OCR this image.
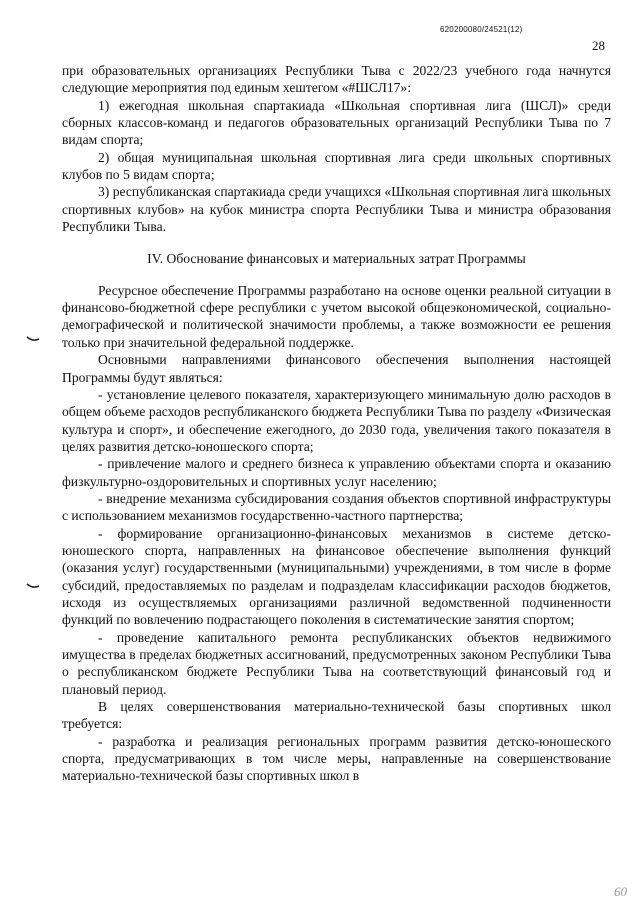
620200080/24521(12)
28

при образовательных организациях Республики Тыва с 2022/23 учебного года начнутся следующие мероприятия под единым хештегом «#ШСЛ17»:

1) ежегодная школьная спартакиада «Школьная спортивная лига (ШСЛ)» среди сборных классов-команд и педагогов образовательных организаций Республики Тыва по 7 видам спорта;

2) общая муниципальная школьная спортивная лига среди школьных спортивных клубов по 5 видам спорта;

3) республиканская спартакиада среди учащихся «Школьная спортивная лига школьных спортивных клубов» на кубок министра спорта Республики Тыва и министра образования Республики Тыва.

IV. Обоснование финансовых и материальных затрат Программы

Ресурсное обеспечение Программы разработано на основе оценки реальной ситуации в финансово-бюджетной сфере республики с учетом высокой общеэкономической, социально-демографической и политической значимости проблемы, а также возможности ее решения только при значительной федеральной поддержке.

Основными направлениями финансового обеспечения выполнения настоящей Программы будут являться:

- установление целевого показателя, характеризующего минимальную долю расходов в общем объеме расходов республиканского бюджета Республики Тыва по разделу «Физическая культура и спорт», и обеспечение ежегодного, до 2030 года, увеличения такого показателя в целях развития детско-юношеского спорта;

- привлечение малого и среднего бизнеса к управлению объектами спорта и оказанию физкультурно-оздоровительных и спортивных услуг населению;

- внедрение механизма субсидирования создания объектов спортивной инфраструктуры с использованием механизмов государственно-частного партнерства;

- формирование организационно-финансовых механизмов в системе детско-юношеского спорта, направленных на финансовое обеспечение выполнения функций (оказания услуг) государственными (муниципальными) учреждениями, в том числе в форме субсидий, предоставляемых по разделам и подразделам классификации расходов бюджетов, исходя из осуществляемых организациями различной ведомственной подчиненности функций по вовлечению подрастающего поколения в систематические занятия спортом;

- проведение капитального ремонта республиканских объектов недвижимого имущества в пределах бюджетных ассигнований, предусмотренных законом Республики Тыва о республиканском бюджете Республики Тыва на соответствующий финансовый год и плановый период.

В целях совершенствования материально-технической базы спортивных школ требуется:

- разработка и реализация региональных программ развития детско-юношеского спорта, предусматривающих в том числе меры, направленные на совершенствование материально-технической базы спортивных школ в

60
